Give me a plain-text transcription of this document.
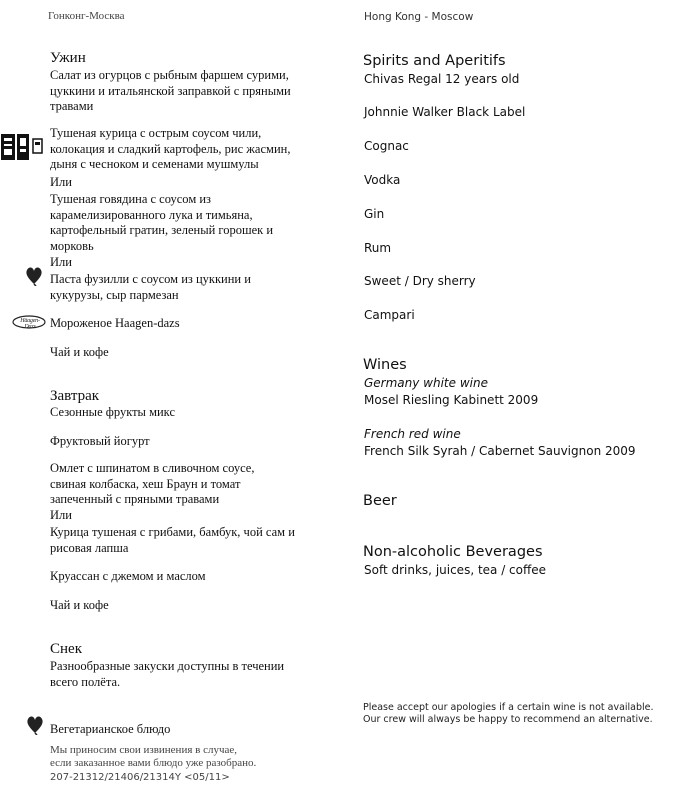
Гонконг-Москва
Ужин
Салат из огурцов с рыбным фаршем сурими,
цуккини и итальянской заправкой с пряными
травами
Тушеная курица с острым соусом чили,
колокация и сладкий картофель, рис жасмин,
дыня с чесноком и семенами мушмулы
Или
Тушеная говядина с соусом из
карамелизированного лука и тимьяна,
картофельный гратин, зеленый горошек и
морковь
Или
Паста фузилли с соусом из цуккини и
кукурузы, сыр пармезан
Häagen-Dazs	Мороженое Haagen-dazs
Чай и кофе
Завтрак
Сезонные фрукты микс
Фруктовый йогурт
Омлет с шпинатом в сливочном соусе,
свиная колбаска, хеш Браун и томат
запеченный с пряными травами
Или
Курица тушеная с грибами, бамбук, чой сам и
рисовая лапша
Круассан с джемом и маслом
Чай и кофе
Снек
Разнообразные закуски доступны в течении
всего полёта.
Вегетарианское блюдо
Мы приносим свои извинения в случае,
если заказанное вами блюдо уже разобрано.
207-21312/21406/21314Y <05/11>
Hong Kong - Moscow
Spirits and Aperitifs
Chivas Regal 12 years old
Johnnie Walker Black Label
Cognac
Vodka
Gin
Rum
Sweet / Dry sherry
Campari
Wines
Germany white wine
Mosel Riesling Kabinett 2009
French red wine
French Silk Syrah / Cabernet Sauvignon 2009
Beer
Non-alcoholic Beverages
Soft drinks, juices, tea / coffee
Please accept our apologies if a certain wine is not available.
Our crew will always be happy to recommend an alternative.
